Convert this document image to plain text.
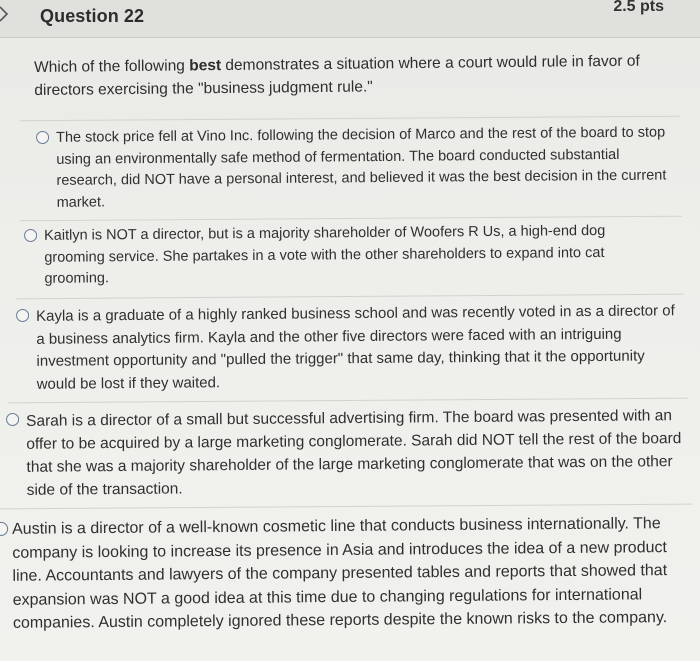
Question 22	2.5 pts
Which of the following best demonstrates a situation where a court would rule in favor of directors exercising the "business judgment rule."
The stock price fell at Vino Inc. following the decision of Marco and the rest of the board to stop using an environmentally safe method of fermentation. The board conducted substantial research, did NOT have a personal interest, and believed it was the best decision in the current market.
Kaitlyn is NOT a director, but is a majority shareholder of Woofers R Us, a high-end dog grooming service. She partakes in a vote with the other shareholders to expand into cat grooming.
Kayla is a graduate of a highly ranked business school and was recently voted in as a director of a business analytics firm. Kayla and the other five directors were faced with an intriguing investment opportunity and "pulled the trigger" that same day, thinking that it the opportunity would be lost if they waited.
Sarah is a director of a small but successful advertising firm. The board was presented with an offer to be acquired by a large marketing conglomerate. Sarah did NOT tell the rest of the board that she was a majority shareholder of the large marketing conglomerate that was on the other side of the transaction.
Austin is a director of a well-known cosmetic line that conducts business internationally. The company is looking to increase its presence in Asia and introduces the idea of a new product line. Accountants and lawyers of the company presented tables and reports that showed that expansion was NOT a good idea at this time due to changing regulations for international companies. Austin completely ignored these reports despite the known risks to the company.
